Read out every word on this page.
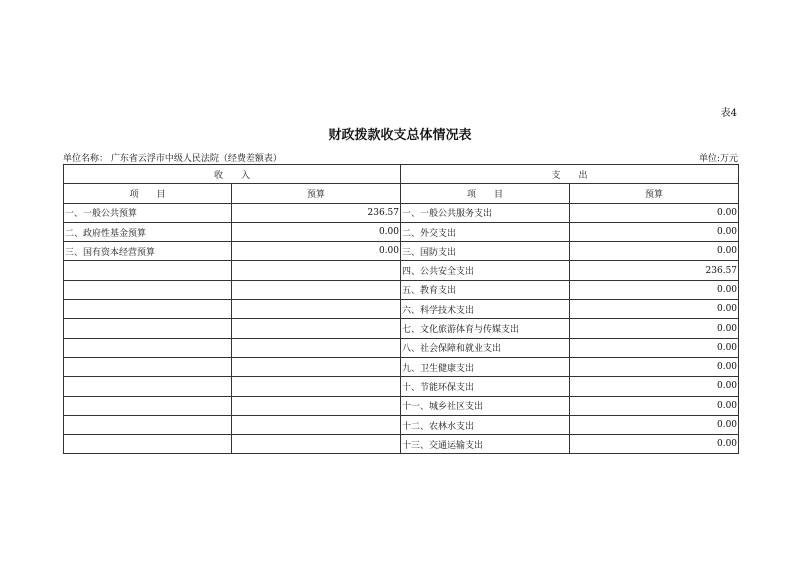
表4
财政拨款收支总体情况表
单位名称： 广东省云浮市中级人民法院（经费差额表）	单位:万元
收　　入		支　　出	
项　　目	预算	项　　目	预算
一、一般公共预算	236.57	一、一般公共服务支出	0.00
二、政府性基金预算	0.00	二、外交支出	0.00
三、国有资本经营预算	0.00	三、国防支出	0.00
		四、公共安全支出	236.57
		五、教育支出	0.00
		六、科学技术支出	0.00
		七、文化旅游体育与传媒支出	0.00
		八、社会保障和就业支出	0.00
		九、卫生健康支出	0.00
		十、节能环保支出	0.00
		十一、城乡社区支出	0.00
		十二、农林水支出	0.00
		十三、交通运输支出	0.00
